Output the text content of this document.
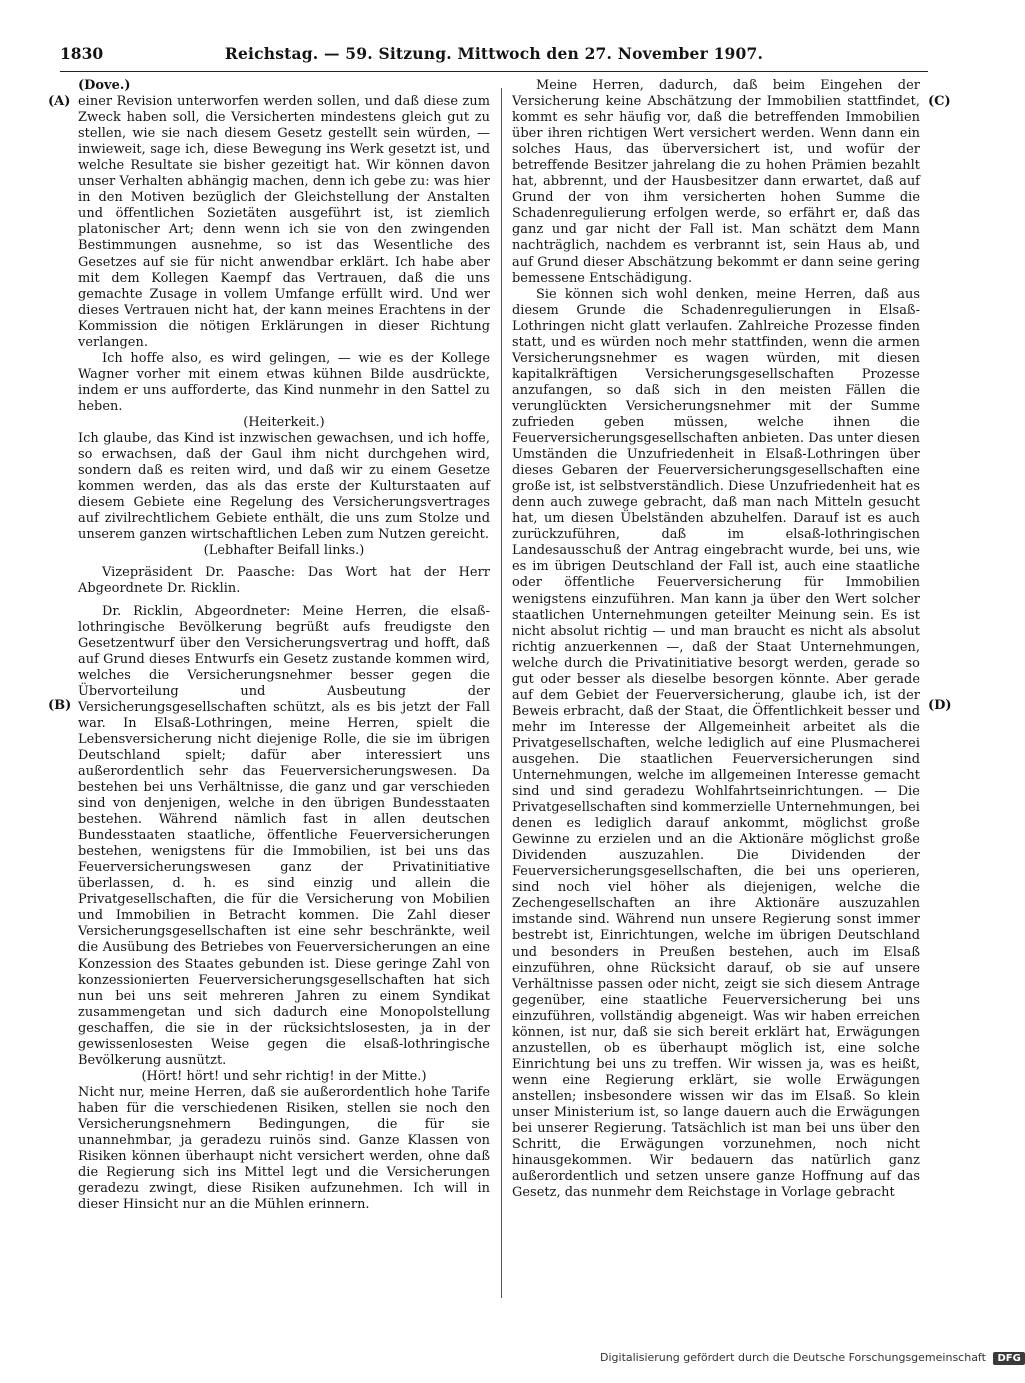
1830	Reichstag. — 59. Sitzung. Mittwoch den 27. November 1907.
(A)
(B)
(C)
(D)

(Dove.)

einer Revision unterworfen werden sollen, und daß diese zum Zweck haben soll, die Versicherten mindestens gleich gut zu stellen, wie sie nach diesem Gesetz gestellt sein würden, — inwieweit, sage ich, diese Bewegung ins Werk gesetzt ist, und welche Resultate sie bisher gezeitigt hat. Wir können davon unser Verhalten abhängig machen, denn ich gebe zu: was hier in den Motiven bezüglich der Gleichstellung der Anstalten und öffentlichen Sozietäten ausgeführt ist, ist ziemlich platonischer Art; denn wenn ich sie von den zwingenden Bestimmungen ausnehme, so ist das Wesentliche des Gesetzes auf sie für nicht anwendbar erklärt. Ich habe aber mit dem Kollegen Kaempf das Vertrauen, daß die uns gemachte Zusage in vollem Umfange erfüllt wird. Und wer dieses Vertrauen nicht hat, der kann meines Erachtens in der Kommission die nötigen Erklärungen in dieser Richtung verlangen.

Ich hoffe also, es wird gelingen, — wie es der Kollege Wagner vorher mit einem etwas kühnen Bilde ausdrückte, indem er uns aufforderte, das Kind nunmehr in den Sattel zu heben.

(Heiterkeit.)

Ich glaube, das Kind ist inzwischen gewachsen, und ich hoffe, so erwachsen, daß der Gaul ihm nicht durchgehen wird, sondern daß es reiten wird, und daß wir zu einem Gesetze kommen werden, das als das erste der Kulturstaaten auf diesem Gebiete eine Regelung des Versicherungsvertrages auf zivilrechtlichem Gebiete enthält, die uns zum Stolze und unserem ganzen wirtschaftlichen Leben zum Nutzen gereicht.

(Lebhafter Beifall links.)

Vizepräsident Dr. Paasche: Das Wort hat der Herr Abgeordnete Dr. Ricklin.

Dr. Ricklin, Abgeordneter: Meine Herren, die elsaß-lothringische Bevölkerung begrüßt aufs freudigste den Gesetzentwurf über den Versicherungsvertrag und hofft, daß auf Grund dieses Entwurfs ein Gesetz zustande kommen wird, welches die Versicherungsnehmer besser gegen die Übervorteilung und Ausbeutung der Versicherungsgesellschaften schützt, als es bis jetzt der Fall war. In Elsaß-Lothringen, meine Herren, spielt die Lebensversicherung nicht diejenige Rolle, die sie im übrigen Deutschland spielt; dafür aber interessiert uns außerordentlich sehr das Feuerversicherungswesen. Da bestehen bei uns Verhältnisse, die ganz und gar verschieden sind von denjenigen, welche in den übrigen Bundesstaaten bestehen. Während nämlich fast in allen deutschen Bundesstaaten staatliche, öffentliche Feuerversicherungen bestehen, wenigstens für die Immobilien, ist bei uns das Feuerversicherungswesen ganz der Privatinitiative überlassen, d. h. es sind einzig und allein die Privatgesellschaften, die für die Versicherung von Mobilien und Immobilien in Betracht kommen. Die Zahl dieser Versicherungsgesellschaften ist eine sehr beschränkte, weil die Ausübung des Betriebes von Feuerversicherungen an eine Konzession des Staates gebunden ist. Diese geringe Zahl von konzessionierten Feuerversicherungsgesellschaften hat sich nun bei uns seit mehreren Jahren zu einem Syndikat zusammengetan und sich dadurch eine Monopolstellung geschaffen, die sie in der rücksichtslosesten, ja in der gewissenlosesten Weise gegen die elsaß-lothringische Bevölkerung ausnützt.

(Hört! hört! und sehr richtig! in der Mitte.)

Nicht nur, meine Herren, daß sie außerordentlich hohe Tarife haben für die verschiedenen Risiken, stellen sie noch den Versicherungsnehmern Bedingungen, die für sie unannehmbar, ja geradezu ruinös sind. Ganze Klassen von Risiken können überhaupt nicht versichert werden, ohne daß die Regierung sich ins Mittel legt und die Versicherungen geradezu zwingt, diese Risiken aufzunehmen. Ich will in dieser Hinsicht nur an die Mühlen erinnern.

Meine Herren, dadurch, daß beim Eingehen der Versicherung keine Abschätzung der Immobilien stattfindet, kommt es sehr häufig vor, daß die betreffenden Immobilien über ihren richtigen Wert versichert werden. Wenn dann ein solches Haus, das überversichert ist, und wofür der betreffende Besitzer jahrelang die zu hohen Prämien bezahlt hat, abbrennt, und der Hausbesitzer dann erwartet, daß auf Grund der von ihm versicherten hohen Summe die Schadenregulierung erfolgen werde, so erfährt er, daß das ganz und gar nicht der Fall ist. Man schätzt dem Mann nachträglich, nachdem es verbrannt ist, sein Haus ab, und auf Grund dieser Abschätzung bekommt er dann seine gering bemessene Entschädigung.

Sie können sich wohl denken, meine Herren, daß aus diesem Grunde die Schadenregulierungen in Elsaß-Lothringen nicht glatt verlaufen. Zahlreiche Prozesse finden statt, und es würden noch mehr stattfinden, wenn die armen Versicherungsnehmer es wagen würden, mit diesen kapitalkräftigen Versicherungsgesellschaften Prozesse anzufangen, so daß sich in den meisten Fällen die verunglückten Versicherungsnehmer mit der Summe zufrieden geben müssen, welche ihnen die Feuerversicherungsgesellschaften anbieten. Das unter diesen Umständen die Unzufriedenheit in Elsaß-Lothringen über dieses Gebaren der Feuerversicherungsgesellschaften eine große ist, ist selbstverständlich. Diese Unzufriedenheit hat es denn auch zuwege gebracht, daß man nach Mitteln gesucht hat, um diesen Übelständen abzuhelfen. Darauf ist es auch zurückzuführen, daß im elsaß-lothringischen Landesausschuß der Antrag eingebracht wurde, bei uns, wie es im übrigen Deutschland der Fall ist, auch eine staatliche oder öffentliche Feuerversicherung für Immobilien wenigstens einzuführen. Man kann ja über den Wert solcher staatlichen Unternehmungen geteilter Meinung sein. Es ist nicht absolut richtig — und man braucht es nicht als absolut richtig anzuerkennen —, daß der Staat Unternehmungen, welche durch die Privatinitiative besorgt werden, gerade so gut oder besser als dieselbe besorgen könnte. Aber gerade auf dem Gebiet der Feuerversicherung, glaube ich, ist der Beweis erbracht, daß der Staat, die Öffentlichkeit besser und mehr im Interesse der Allgemeinheit arbeitet als die Privatgesellschaften, welche lediglich auf eine Plusmacherei ausgehen. Die staatlichen Feuerversicherungen sind Unternehmungen, welche im allgemeinen Interesse gemacht sind und sind geradezu Wohlfahrtseinrichtungen. — Die Privatgesellschaften sind kommerzielle Unternehmungen, bei denen es lediglich darauf ankommt, möglichst große Gewinne zu erzielen und an die Aktionäre möglichst große Dividenden auszuzahlen. Die Dividenden der Feuerversicherungsgesellschaften, die bei uns operieren, sind noch viel höher als diejenigen, welche die Zechengesellschaften an ihre Aktionäre auszuzahlen imstande sind. Während nun unsere Regierung sonst immer bestrebt ist, Einrichtungen, welche im übrigen Deutschland und besonders in Preußen bestehen, auch im Elsaß einzuführen, ohne Rücksicht darauf, ob sie auf unsere Verhältnisse passen oder nicht, zeigt sie sich diesem Antrage gegenüber, eine staatliche Feuerversicherung bei uns einzuführen, vollständig abgeneigt. Was wir haben erreichen können, ist nur, daß sie sich bereit erklärt hat, Erwägungen anzustellen, ob es überhaupt möglich ist, eine solche Einrichtung bei uns zu treffen. Wir wissen ja, was es heißt, wenn eine Regierung erklärt, sie wolle Erwägungen anstellen; insbesondere wissen wir das im Elsaß. So klein unser Ministerium ist, so lange dauern auch die Erwägungen bei unserer Regierung. Tatsächlich ist man bei uns über den Schritt, die Erwägungen vorzunehmen, noch nicht hinausgekommen. Wir bedauern das natürlich ganz außerordentlich und setzen unsere ganze Hoffnung auf das Gesetz, das nunmehr dem Reichstage in Vorlage gebracht

Digitalisierung gefördert durch die Deutsche Forschungsgemeinschaft DFG
